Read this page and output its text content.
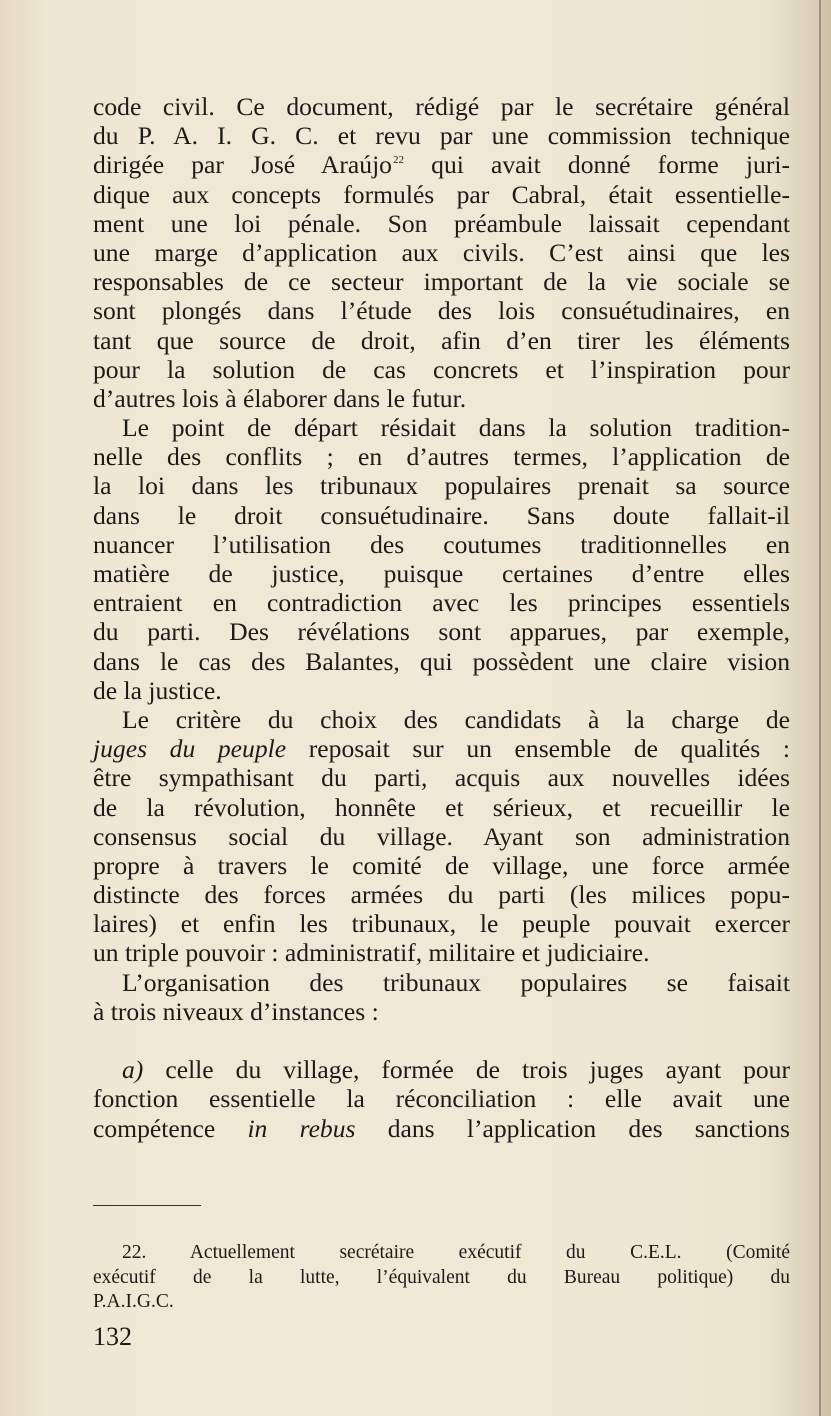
code civil. Ce document, rédigé par le secrétaire général
du P. A. I. G. C. et revu par une commission technique
dirigée par José Araújo$^{22}$ qui avait donné forme juri-
dique aux concepts formulés par Cabral, était essentielle-
ment une loi pénale. Son préambule laissait cependant
une marge d’application aux civils. C’est ainsi que les
responsables de ce secteur important de la vie sociale se
sont plongés dans l’étude des lois consuétudinaires, en
tant que source de droit, afin d’en tirer les éléments
pour la solution de cas concrets et l’inspiration pour
d’autres lois à élaborer dans le futur.
Le point de départ résidait dans la solution tradition-
nelle des conflits ; en d’autres termes, l’application de
la loi dans les tribunaux populaires prenait sa source
dans le droit consuétudinaire. Sans doute fallait-il
nuancer l’utilisation des coutumes traditionnelles en
matière de justice, puisque certaines d’entre elles
entraient en contradiction avec les principes essentiels
du parti. Des révélations sont apparues, par exemple,
dans le cas des Balantes, qui possèdent une claire vision
de la justice.
Le critère du choix des candidats à la charge de
juges du peuple reposait sur un ensemble de qualités :
être sympathisant du parti, acquis aux nouvelles idées
de la révolution, honnête et sérieux, et recueillir le
consensus social du village. Ayant son administration
propre à travers le comité de village, une force armée
distincte des forces armées du parti (les milices popu-
laires) et enfin les tribunaux, le peuple pouvait exercer
un triple pouvoir : administratif, militaire et judiciaire.
L’organisation des tribunaux populaires se faisait
à trois niveaux d’instances :
a) celle du village, formée de trois juges ayant pour
fonction essentielle la réconciliation : elle avait une
compétence in rebus dans l’application des sanctions
22. Actuellement secrétaire exécutif du C.E.L. (Comité
exécutif de la lutte, l’équivalent du Bureau politique) du
P.A.I.G.C.
132
